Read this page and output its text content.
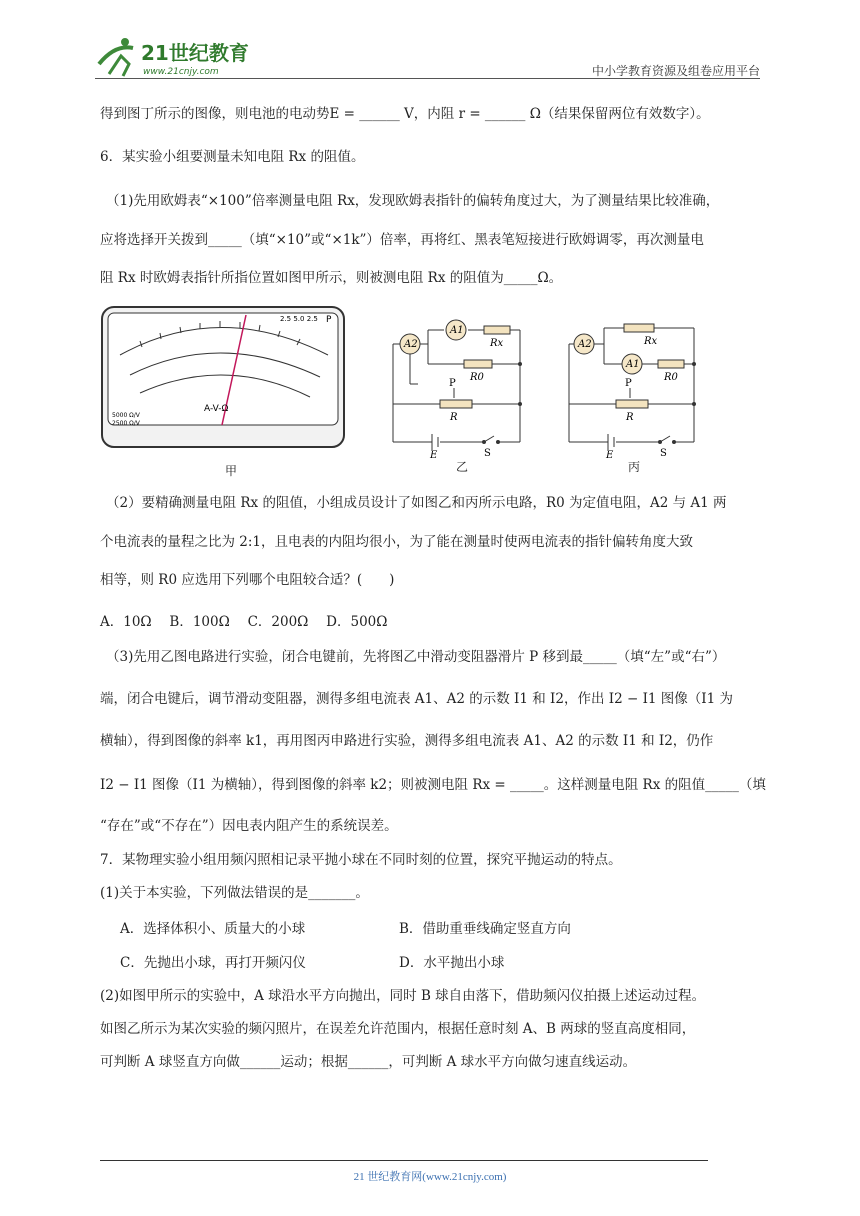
21世纪教育
www.21cnjy.com	中小学教育资源及组卷应用平台
得到图丁所示的图像，则电池的电动势E = ______ V，内阻 r = ______ Ω（结果保留两位有效数字）。
6．某实验小组要测量未知电阻 Rx 的阻值。
（1)先用欧姆表“×100”倍率测量电阻 Rx，发现欧姆表指针的偏转角度过大，为了测量结果比较准确，
应将选择开关拨到_____（填“×10”或“×1k”）倍率，再将红、黑表笔短接进行欧姆调零，再次测量电
阻 Rx 时欧姆表指针所指位置如图甲所示，则被测电阻 Rx 的阻值为_____Ω。
A-V-Ω
5000 Ω/V
2500 Ω/V
2.5 5.0 2.5 P
甲
A2
A1
Rx
R0
P
R
E	S
乙
A2
A1
Rx
R0
P
R
E	S
丙
（2）要精确测量电阻 Rx 的阻值，小组成员设计了如图乙和丙所示电路，R0 为定值电阻，A2 与 A1 两
个电流表的量程之比为 2:1，且电表的内阻均很小，为了能在测量时使两电流表的指针偏转角度大致
相等，则 R0 应选用下列哪个电阻较合适？(　　)
A．10Ω　 B．100Ω　 C．200Ω　 D．500Ω
（3)先用乙图电路进行实验，闭合电键前，先将图乙中滑动变阻器滑片 P 移到最_____（填“左”或“右”）
端，闭合电键后，调节滑动变阻器，测得多组电流表 A1、A2 的示数 I1 和 I2，作出 I2 − I1 图像（I1 为
横轴），得到图像的斜率 k1，再用图丙申路进行实验，测得多组电流表 A1、A2 的示数 I1 和 I2，仍作
I2 − I1 图像（I1 为横轴），得到图像的斜率 k2；则被测电阻 Rx = _____。这样测量电阻 Rx 的阻值_____（填
“存在”或“不存在”）因电表内阻产生的系统误差。
7．某物理实验小组用频闪照相记录平抛小球在不同时刻的位置，探究平抛运动的特点。
(1)关于本实验，下列做法错误的是_______。
A．选择体积小、质量大的小球	B．借助重垂线确定竖直方向
C．先抛出小球，再打开频闪仪	D．水平抛出小球
(2)如图甲所示的实验中，A 球沿水平方向抛出，同时 B 球自由落下，借助频闪仪拍摄上述运动过程。
如图乙所示为某次实验的频闪照片，在误差允许范围内，根据任意时刻 A、B 两球的竖直高度相同，
可判断 A 球竖直方向做______运动；根据______，可判断 A 球水平方向做匀速直线运动。
21 世纪教育网(www.21cnjy.com)
